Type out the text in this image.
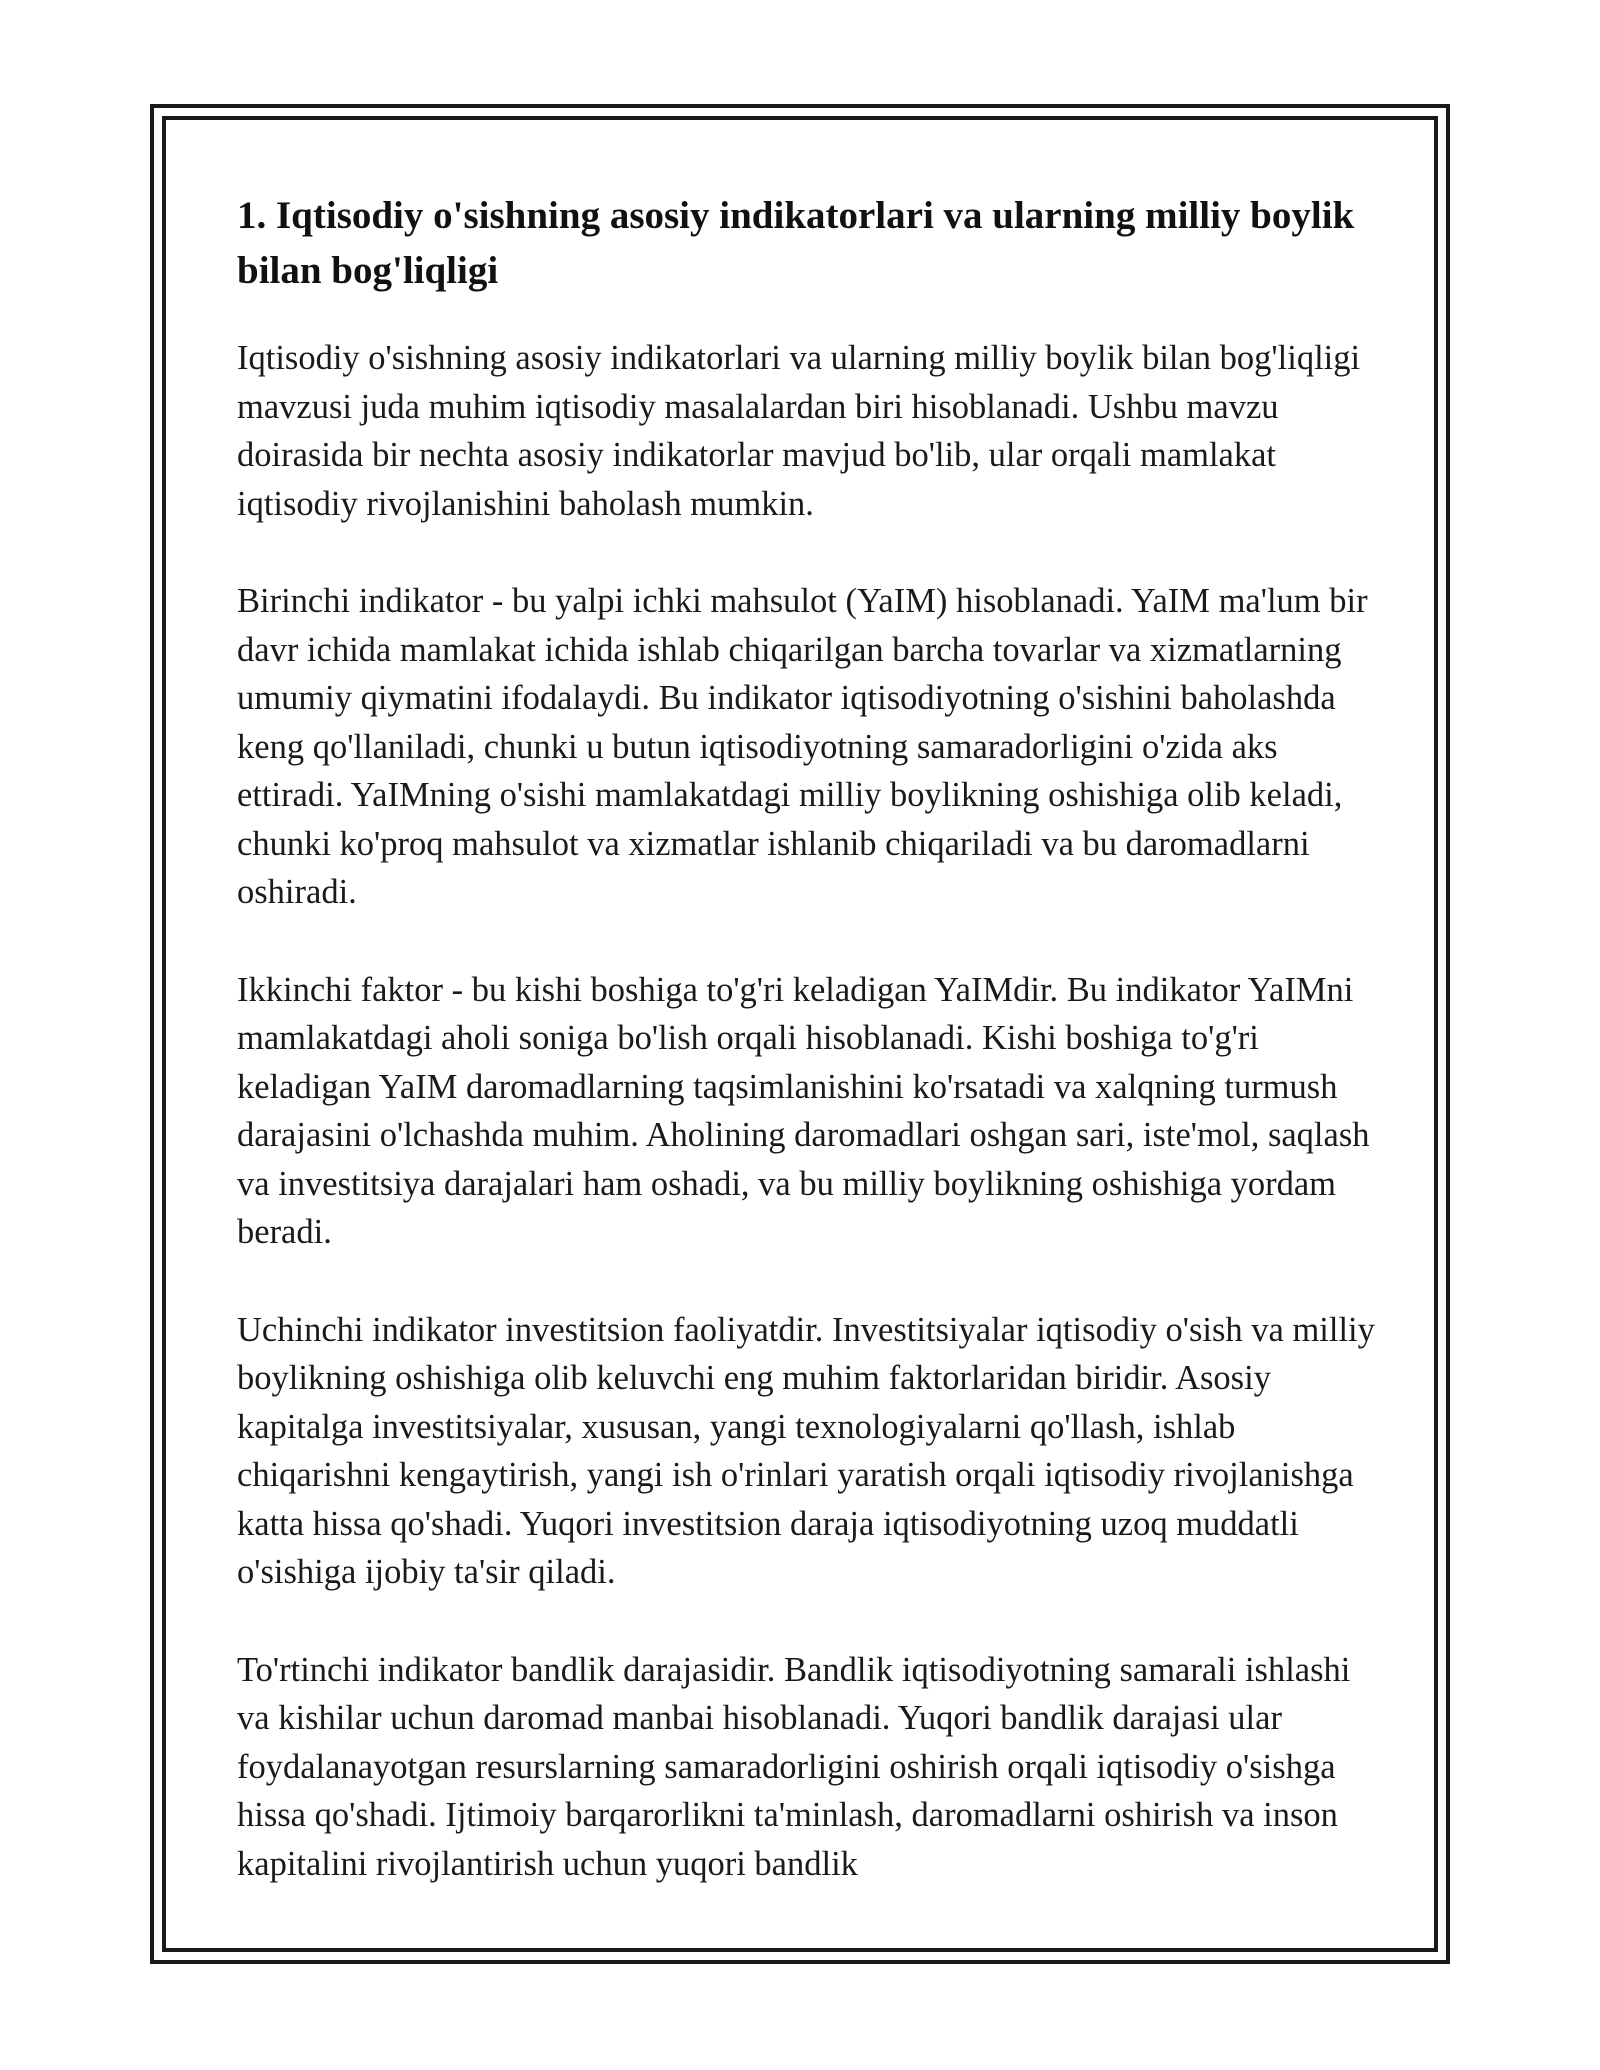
1. Iqtisodiy o'sishning asosiy indikatorlari va ularning milliy boylik bilan bog'liqligi

Iqtisodiy o'sishning asosiy indikatorlari va ularning milliy boylik bilan bog'liqligi mavzusi juda muhim iqtisodiy masalalardan biri hisoblanadi. Ushbu mavzu doirasida bir nechta asosiy indikatorlar mavjud bo'lib, ular orqali mamlakat iqtisodiy rivojlanishini baholash mumkin.

Birinchi indikator - bu yalpi ichki mahsulot (YaIM) hisoblanadi. YaIM ma'lum bir davr ichida mamlakat ichida ishlab chiqarilgan barcha tovarlar va xizmatlarning umumiy qiymatini ifodalaydi. Bu indikator iqtisodiyotning o'sishini baholashda keng qo'llaniladi, chunki u butun iqtisodiyotning samaradorligini o'zida aks ettiradi. YaIMning o'sishi mamlakatdagi milliy boylikning oshishiga olib keladi, chunki ko'proq mahsulot va xizmatlar ishlanib chiqariladi va bu daromadlarni oshiradi.

Ikkinchi faktor - bu kishi boshiga to'g'ri keladigan YaIMdir. Bu indikator YaIMni mamlakatdagi aholi soniga bo'lish orqali hisoblanadi. Kishi boshiga to'g'ri keladigan YaIM daromadlarning taqsimlanishini ko'rsatadi va xalqning turmush darajasini o'lchashda muhim. Aholining daromadlari oshgan sari, iste'mol, saqlash va investitsiya darajalari ham oshadi, va bu milliy boylikning oshishiga yordam beradi.

Uchinchi indikator investitsion faoliyatdir. Investitsiyalar iqtisodiy o'sish va milliy boylikning oshishiga olib keluvchi eng muhim faktorlaridan biridir. Asosiy kapitalga investitsiyalar, xususan, yangi texnologiyalarni qo'llash, ishlab chiqarishni kengaytirish, yangi ish o'rinlari yaratish orqali iqtisodiy rivojlanishga katta hissa qo'shadi. Yuqori investitsion daraja iqtisodiyotning uzoq muddatli o'sishiga ijobiy ta'sir qiladi.

To'rtinchi indikator bandlik darajasidir. Bandlik iqtisodiyotning samarali ishlashi va kishilar uchun daromad manbai hisoblanadi. Yuqori bandlik darajasi ular foydalanayotgan resurslarning samaradorligini oshirish orqali iqtisodiy o'sishga hissa qo'shadi. Ijtimoiy barqarorlikni ta'minlash, daromadlarni oshirish va inson kapitalini rivojlantirish uchun yuqori bandlik
